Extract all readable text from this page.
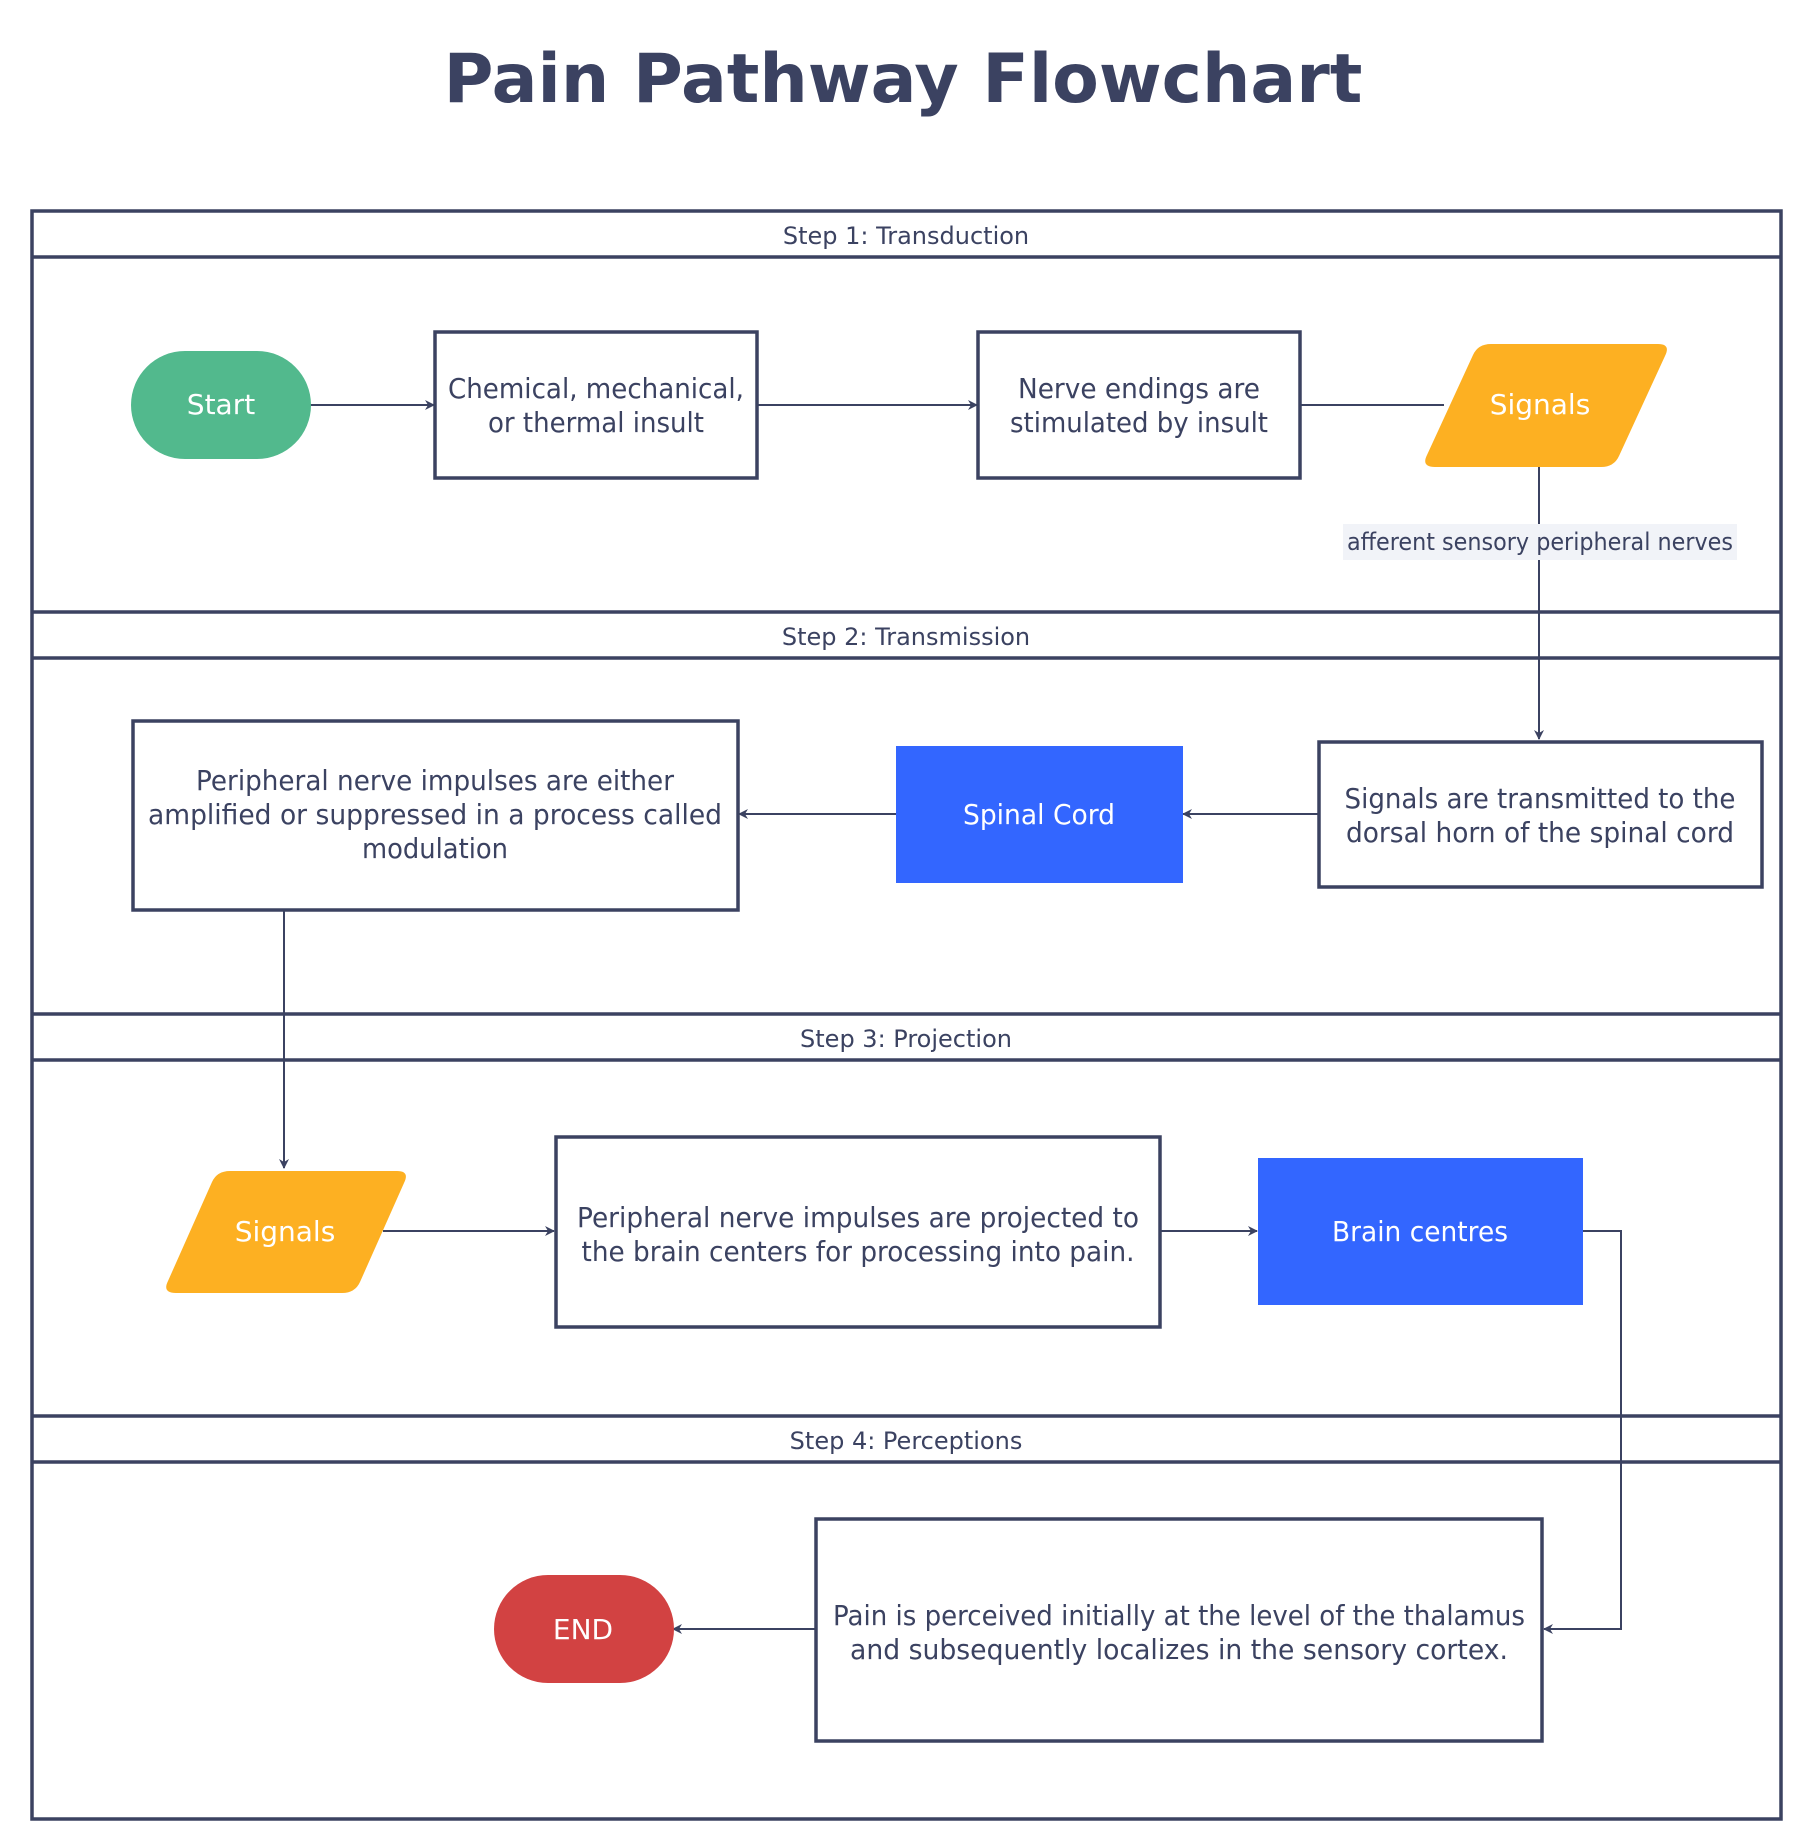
Pain Pathway Flowchart
Step 1: Transduction
Step 2: Transmission
Step 3: Projection
Step 4: Perceptions
afferent sensory peripheral nerves
Start	Chemical, mechanical,
or thermal insult
Nerve endings are
stimulated by insult
Signals
Signals are transmitted to the
dorsal horn of the spinal cord
Spinal Cord
Peripheral nerve impulses are either
amplified or suppressed in a process called
modulation
Signals	Peripheral nerve impulses are projected to
the brain centers for processing into pain.
Brain centres
Pain is perceived initially at the level of the thalamus
and subsequently localizes in the sensory cortex.
END
